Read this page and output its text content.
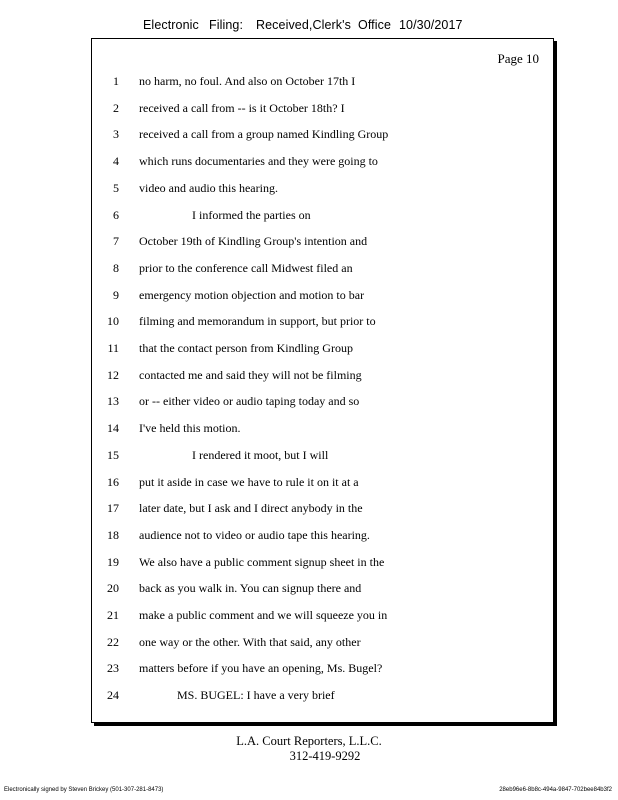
Electronic Filing: Received,Clerk's Office 10/30/2017
Page 10
1 no harm, no foul. And also on October 17th I
2 received a call from -- is it October 18th? I
3 received a call from a group named Kindling Group
4 which runs documentaries and they were going to
5 video and audio this hearing.
6	I informed the parties on
7 October 19th of Kindling Group's intention and
8 prior to the conference call Midwest filed an
9 emergency motion objection and motion to bar
10 filming and memorandum in support, but prior to
11 that the contact person from Kindling Group
12 contacted me and said they will not be filming
13 or -- either video or audio taping today and so
14 I've held this motion.
15	I rendered it moot, but I will
16 put it aside in case we have to rule it on it at a
17 later date, but I ask and I direct anybody in the
18 audience not to video or audio tape this hearing.
19 We also have a public comment signup sheet in the
20 back as you walk in. You can signup there and
21 make a public comment and we will squeeze you in
22 one way or the other. With that said, any other
23 matters before if you have an opening, Ms. Bugel?
24	MS. BUGEL: I have a very brief
L.A. Court Reporters, L.L.C.
312-419-9292
Electronically signed by Steven Brickey (501-307-281-8473)	28eb96e6-8b8c-494a-9847-702bee84b3f2
